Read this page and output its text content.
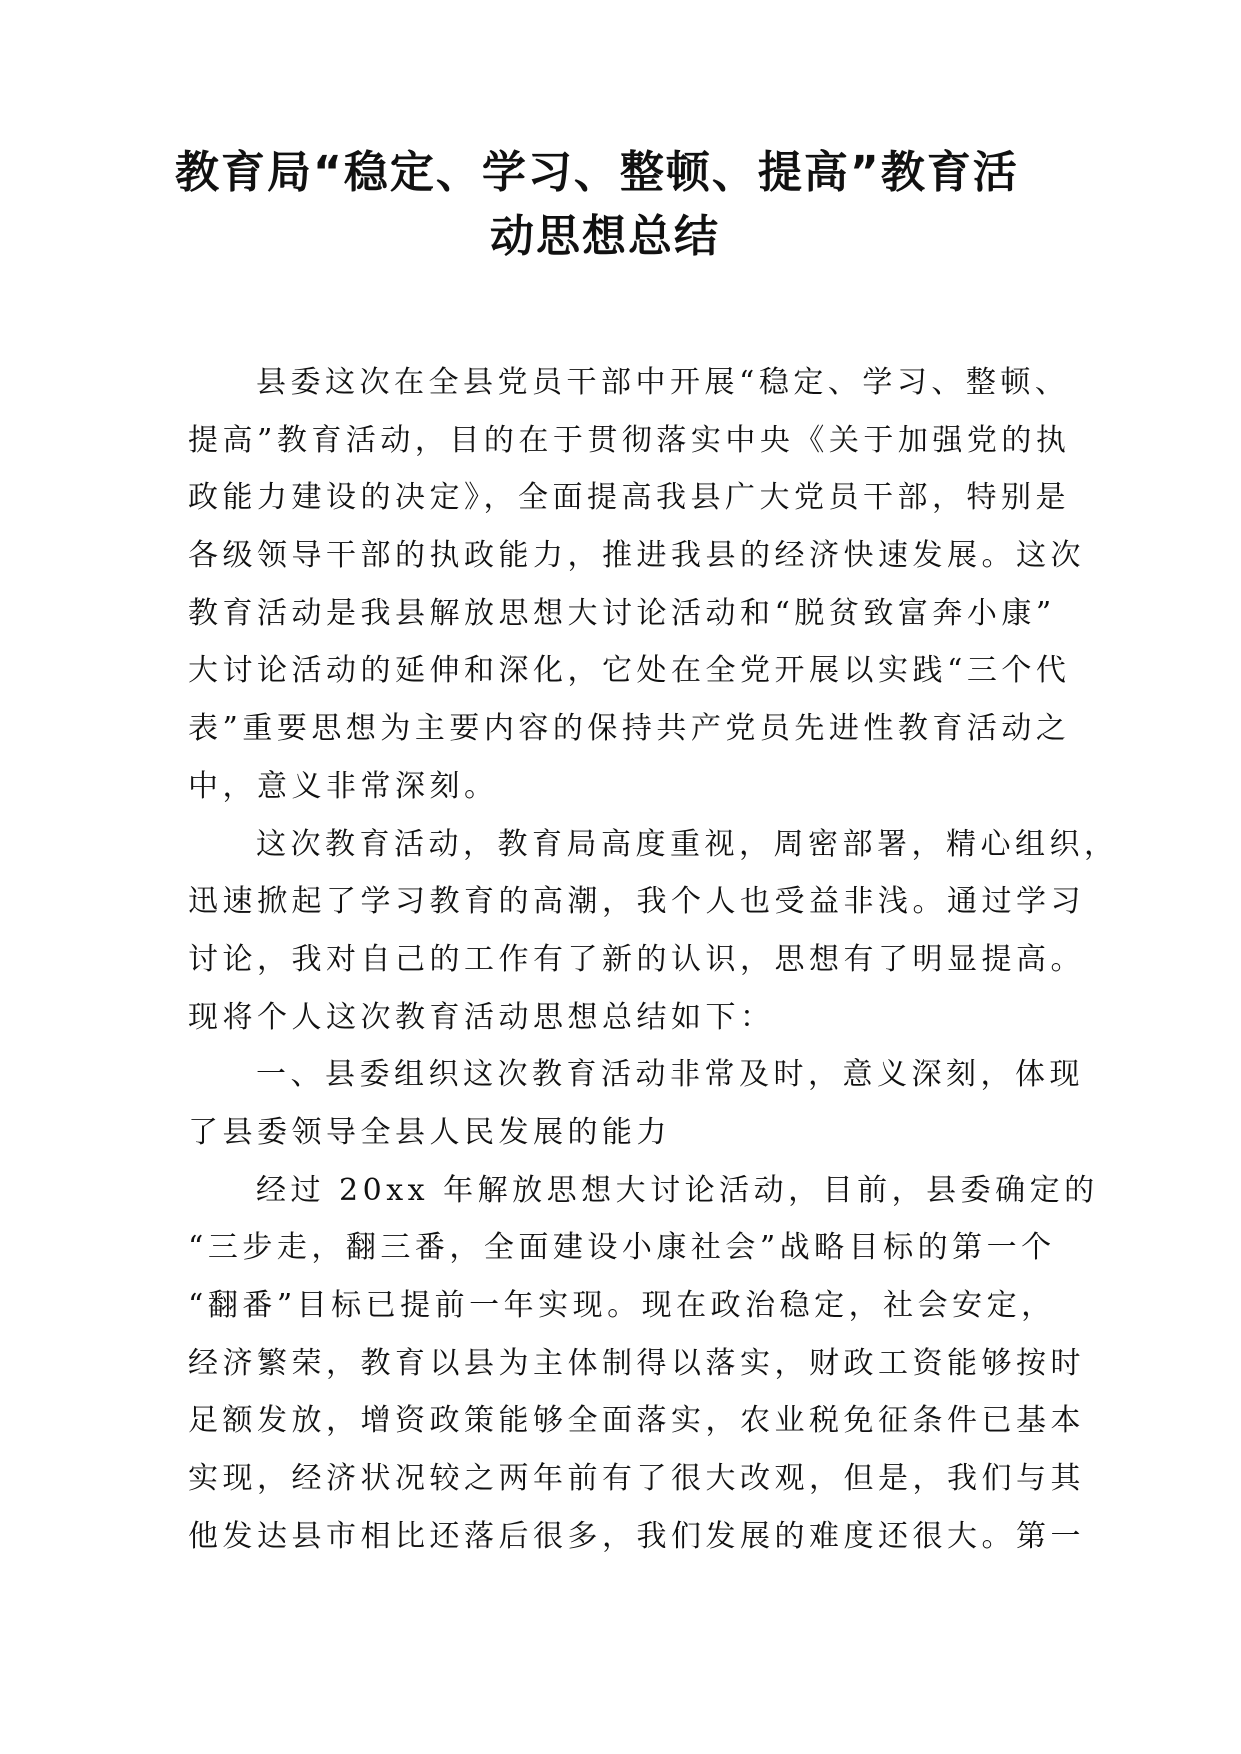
教育局“稳定、学习、整顿、提高”教育活
动思想总结
县委这次在全县党员干部中开展“稳定、学习、整顿、
提高”教育活动，目的在于贯彻落实中央《关于加强党的执
政能力建设的决定》，全面提高我县广大党员干部，特别是
各级领导干部的执政能力，推进我县的经济快速发展。这次
教育活动是我县解放思想大讨论活动和“脱贫致富奔小康”
大讨论活动的延伸和深化，它处在全党开展以实践“三个代
表”重要思想为主要内容的保持共产党员先进性教育活动之
中，意义非常深刻。
这次教育活动，教育局高度重视，周密部署，精心组织，
迅速掀起了学习教育的高潮，我个人也受益非浅。通过学习
讨论，我对自己的工作有了新的认识，思想有了明显提高。
现将个人这次教育活动思想总结如下：
一、县委组织这次教育活动非常及时，意义深刻，体现
了县委领导全县人民发展的能力
经过 20xx 年解放思想大讨论活动，目前，县委确定的
“三步走，翻三番，全面建设小康社会”战略目标的第一个
“翻番”目标已提前一年实现。现在政治稳定，社会安定，
经济繁荣，教育以县为主体制得以落实，财政工资能够按时
足额发放，增资政策能够全面落实，农业税免征条件已基本
实现，经济状况较之两年前有了很大改观，但是，我们与其
他发达县市相比还落后很多，我们发展的难度还很大。第一
